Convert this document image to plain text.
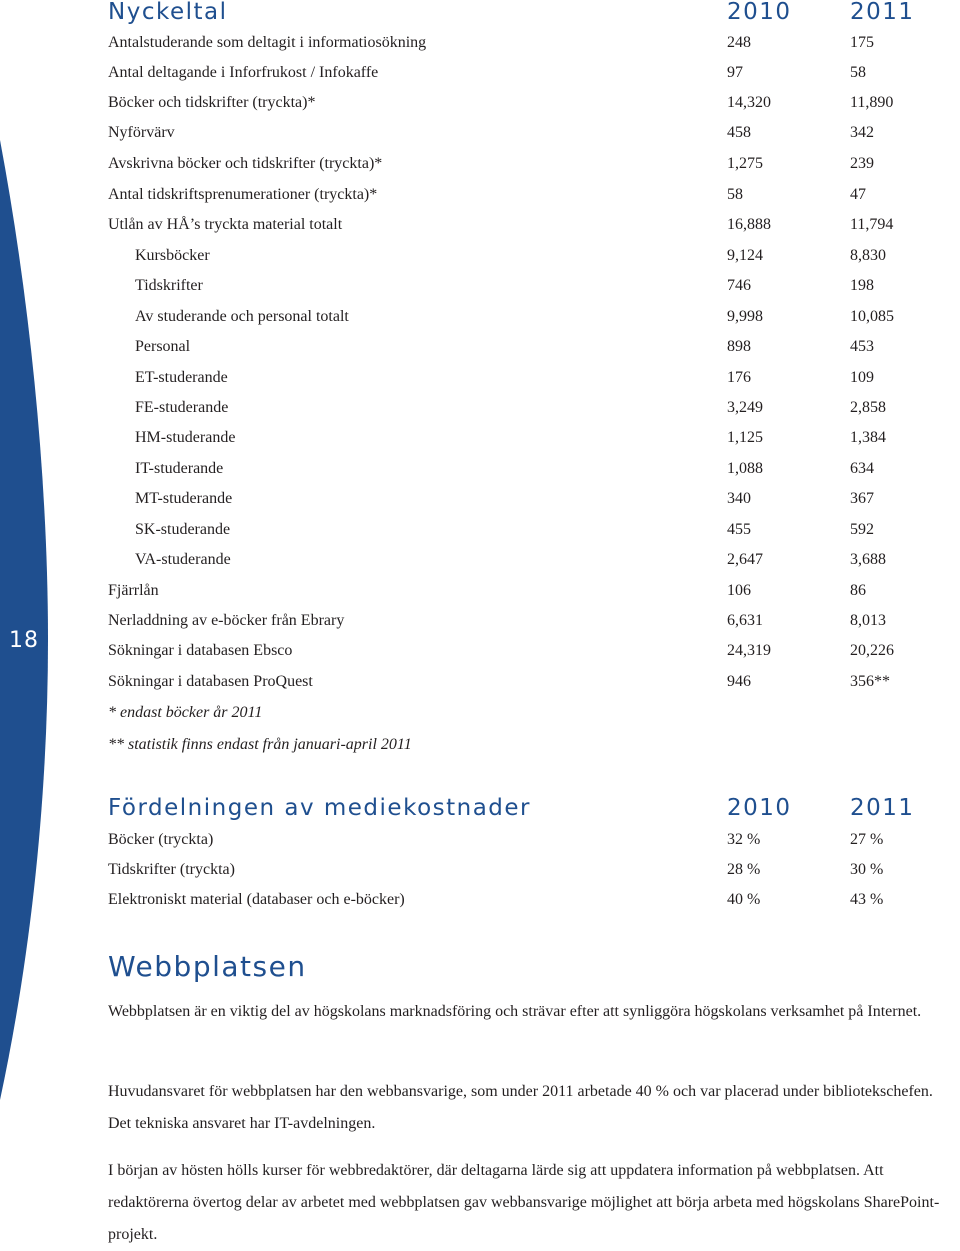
18
Nyckeltal	2010	2011
Antalstuderande som deltagit i informatiosökning	248	175
Antal deltagande i Inforfrukost / Infokaffe	97	58
Böcker och tidskrifter (tryckta)*	14,320	11,890
Nyförvärv	458	342
Avskrivna böcker och tidskrifter (tryckta)*	1,275	239
Antal tidskriftsprenumerationer (tryckta)*	58	47
Utlån av HÅ’s tryckta material totalt	16,888	11,794
Kursböcker	9,124	8,830
Tidskrifter	746	198
Av studerande och personal totalt	9,998	10,085
Personal	898	453
ET-studerande	176	109
FE-studerande	3,249	2,858
HM-studerande	1,125	1,384
IT-studerande	1,088	634
MT-studerande	340	367
SK-studerande	455	592
VA-studerande	2,647	3,688
Fjärrlån	106	86
Nerladdning av e-böcker från Ebrary	6,631	8,013
Sökningar i databasen Ebsco	24,319	20,226
Sökningar i databasen ProQuest	946	356**
* endast böcker år 2011
** statistik finns endast från januari-april 2011
Fördelningen av mediekostnader	2010	2011
Böcker (tryckta)	32 %	27 %
Tidskrifter (tryckta)	28 %	30 %
Elektroniskt material (databaser och e-böcker)	40 %	43 %
Webbplatsen

Webbplatsen är en viktig del av högskolans marknadsföring och strävar efter att synliggöra högskolans verksamhet på Internet.

Huvudansvaret för webbplatsen har den webbansvarige, som under 2011 arbetade 40 % och var placerad under bibliotekschefen. Det tekniska ansvaret har IT-avdelningen.

I början av hösten hölls kurser för webbredaktörer, där deltagarna lärde sig att uppdatera information på webbplatsen. Att redaktörerna övertog delar av arbetet med webbplatsen gav webbansvarige möjlighet att börja arbeta med högskolans SharePoint-projekt.
